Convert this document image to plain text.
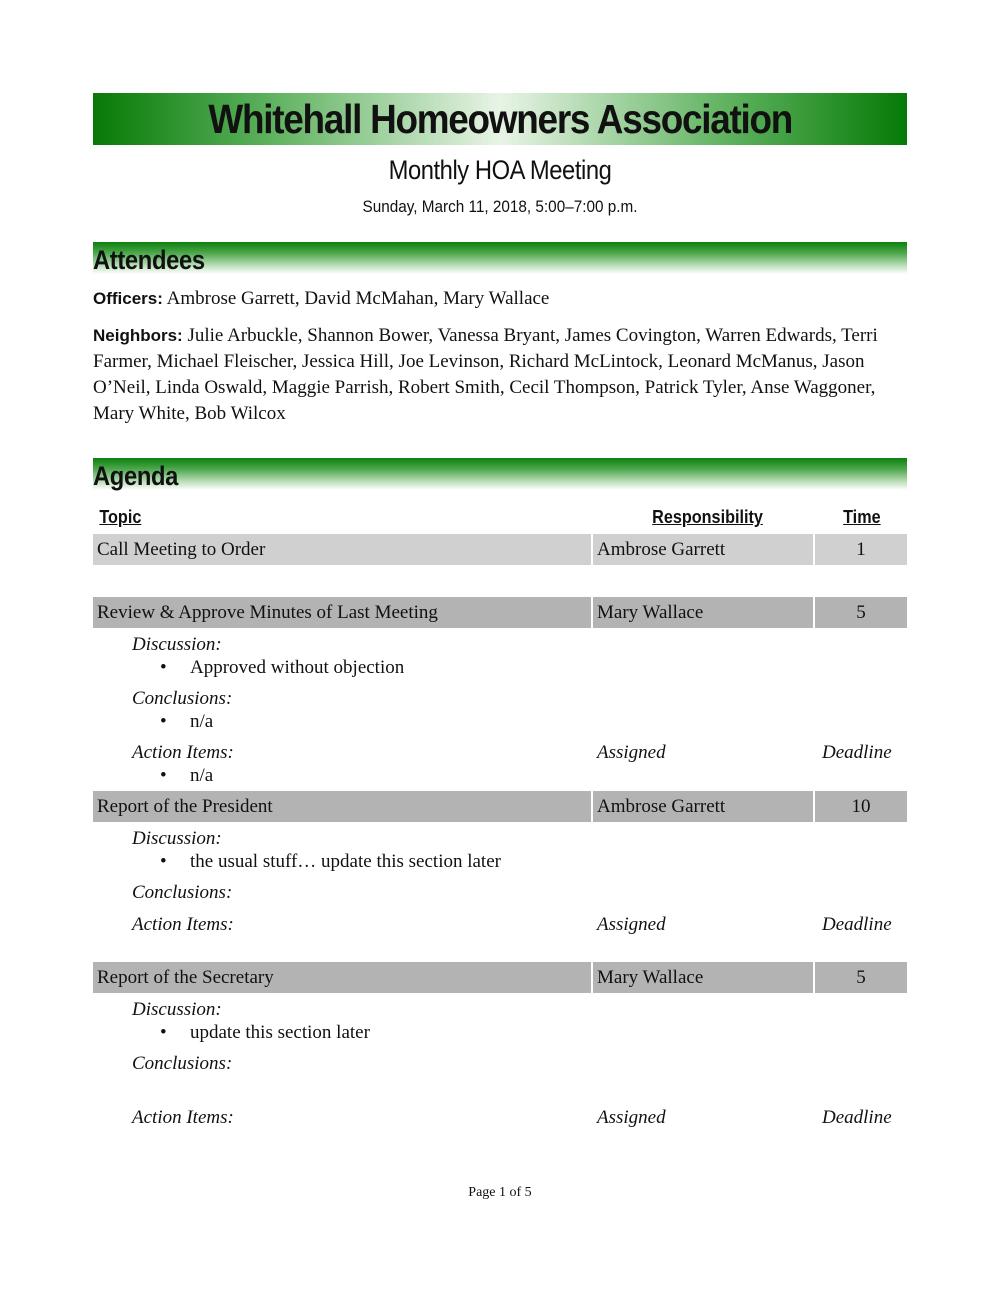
Whitehall Homeowners Association
Monthly HOA Meeting
Sunday, March 11, 2018, 5:00–7:00 p.m.
Attendees
Officers: Ambrose Garrett, David McMahan, Mary Wallace
Neighbors: Julie Arbuckle, Shannon Bower, Vanessa Bryant, James Covington, Warren Edwards, Terri
Farmer, Michael Fleischer, Jessica Hill, Joe Levinson, Richard McLintock, Leonard McManus, Jason
O’Neil, Linda Oswald, Maggie Parrish, Robert Smith, Cecil Thompson, Patrick Tyler, Anse Waggoner,
Mary White, Bob Wilcox
Agenda
Topic	Responsibility	Time
Call Meeting to Order	Ambrose Garrett	1
Review & Approve Minutes of Last Meeting	Mary Wallace	5
Discussion:
• Approved without objection
Conclusions:
• n/a
Action Items:	Assigned	Deadline
• n/a
Report of the President	Ambrose Garrett	10
Discussion:
• the usual stuff… update this section later
Conclusions:
Action Items:	Assigned	Deadline
Report of the Secretary	Mary Wallace	5
Discussion:
• update this section later
Conclusions:
Action Items:	Assigned	Deadline
Page 1 of 5
